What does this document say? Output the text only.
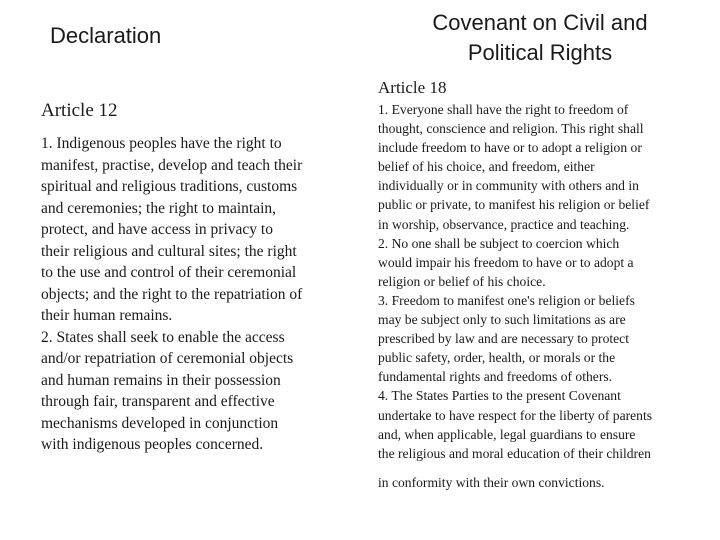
Declaration
Covenant on Civil and
Political Rights
Article 12
1. Indigenous peoples have the right to
manifest, practise, develop and teach their
spiritual and religious traditions, customs
and ceremonies; the right to maintain,
protect, and have access in privacy to
their religious and cultural sites; the right
to the use and control of their ceremonial
objects; and the right to the repatriation of
their human remains.
2. States shall seek to enable the access
and/or repatriation of ceremonial objects
and human remains in their possession
through fair, transparent and effective
mechanisms developed in conjunction
with indigenous peoples concerned.
Article 18
1. Everyone shall have the right to freedom of
thought, conscience and religion. This right shall
include freedom to have or to adopt a religion or
belief of his choice, and freedom, either
individually or in community with others and in
public or private, to manifest his religion or belief
in worship, observance, practice and teaching.
2. No one shall be subject to coercion which
would impair his freedom to have or to adopt a
religion or belief of his choice.
3. Freedom to manifest one's religion or beliefs
may be subject only to such limitations as are
prescribed by law and are necessary to protect
public safety, order, health, or morals or the
fundamental rights and freedoms of others.
4. The States Parties to the present Covenant
undertake to have respect for the liberty of parents
and, when applicable, legal guardians to ensure
the religious and moral education of their children
in conformity with their own convictions.
